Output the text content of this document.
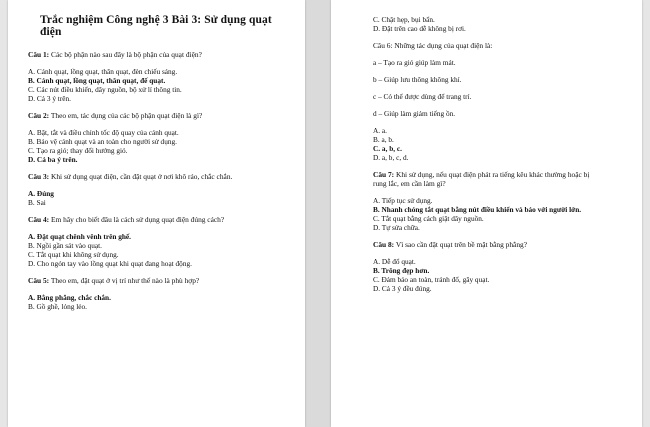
Trắc nghiệm Công nghệ 3 Bài 3: Sử dụng quạt điện

Câu 1: Các bộ phận nào sau đây là bộ phận của quạt điện?

A. Cánh quạt, lồng quạt, thân quạt, đèn chiếu sáng.

B. Cánh quạt, lồng quạt, thân quạt, đế quạt.

C. Các nút điều khiển, dây nguồn, bộ xử lí thông tin.

D. Cả 3 ý trên.

Câu 2: Theo em, tác dụng của các bộ phận quạt điện là gì?

A. Bật, tắt và điều chỉnh tốc độ quay của cánh quạt.

B. Bảo vệ cánh quạt và an toàn cho người sử dụng.

C. Tạo ra gió; thay đổi hướng gió.

D. Cả ba ý trên.

Câu 3: Khi sử dụng quạt điện, cần đặt quạt ở nơi khô ráo, chắc chắn.

A. Đúng

B. Sai

Câu 4: Em hãy cho biết đâu là cách sử dụng quạt điện đúng cách?

A. Đặt quạt chênh vênh trên ghế.

B. Ngồi gần sát vào quạt.

C. Tắt quạt khi không sử dụng.

D. Cho ngón tay vào lồng quạt khi quạt đang hoạt động.

Câu 5: Theo em, đặt quạt ở vị trí như thế nào là phù hợp?

A. Bằng phẳng, chắc chắn.

B. Gồ ghề, lỏng lẻo.

C. Chật hẹp, bụi bẩn.

D. Đặt trên cao dễ không bị rơi.

Câu 6: Những tác dụng của quạt điện là:

a – Tạo ra gió giúp làm mát.

b – Giúp lưu thông không khí.

c – Có thể được dùng để trang trí.

d – Giúp làm giảm tiếng ồn.

A. a.

B. a, b.

C. a, b, c.

D. a, b, c, d.

Câu 7: Khi sử dụng, nếu quạt điện phát ra tiếng kêu khác thường hoặc bị

rung lắc, em cần làm gì?

A. Tiếp tục sử dụng.

B. Nhanh chóng tắt quạt bằng nút điều khiển và báo với người lớn.

C. Tắt quạt bằng cách giật dây nguồn.

D. Tự sửa chữa.

Câu 8: Vì sao cần đặt quạt trên bề mặt bằng phẳng?

A. Dễ đổ quạt.

B. Trông đẹp hơn.

C. Đảm bảo an toàn, tránh đổ, gãy quạt.

D. Cả 3 ý đều đúng.
